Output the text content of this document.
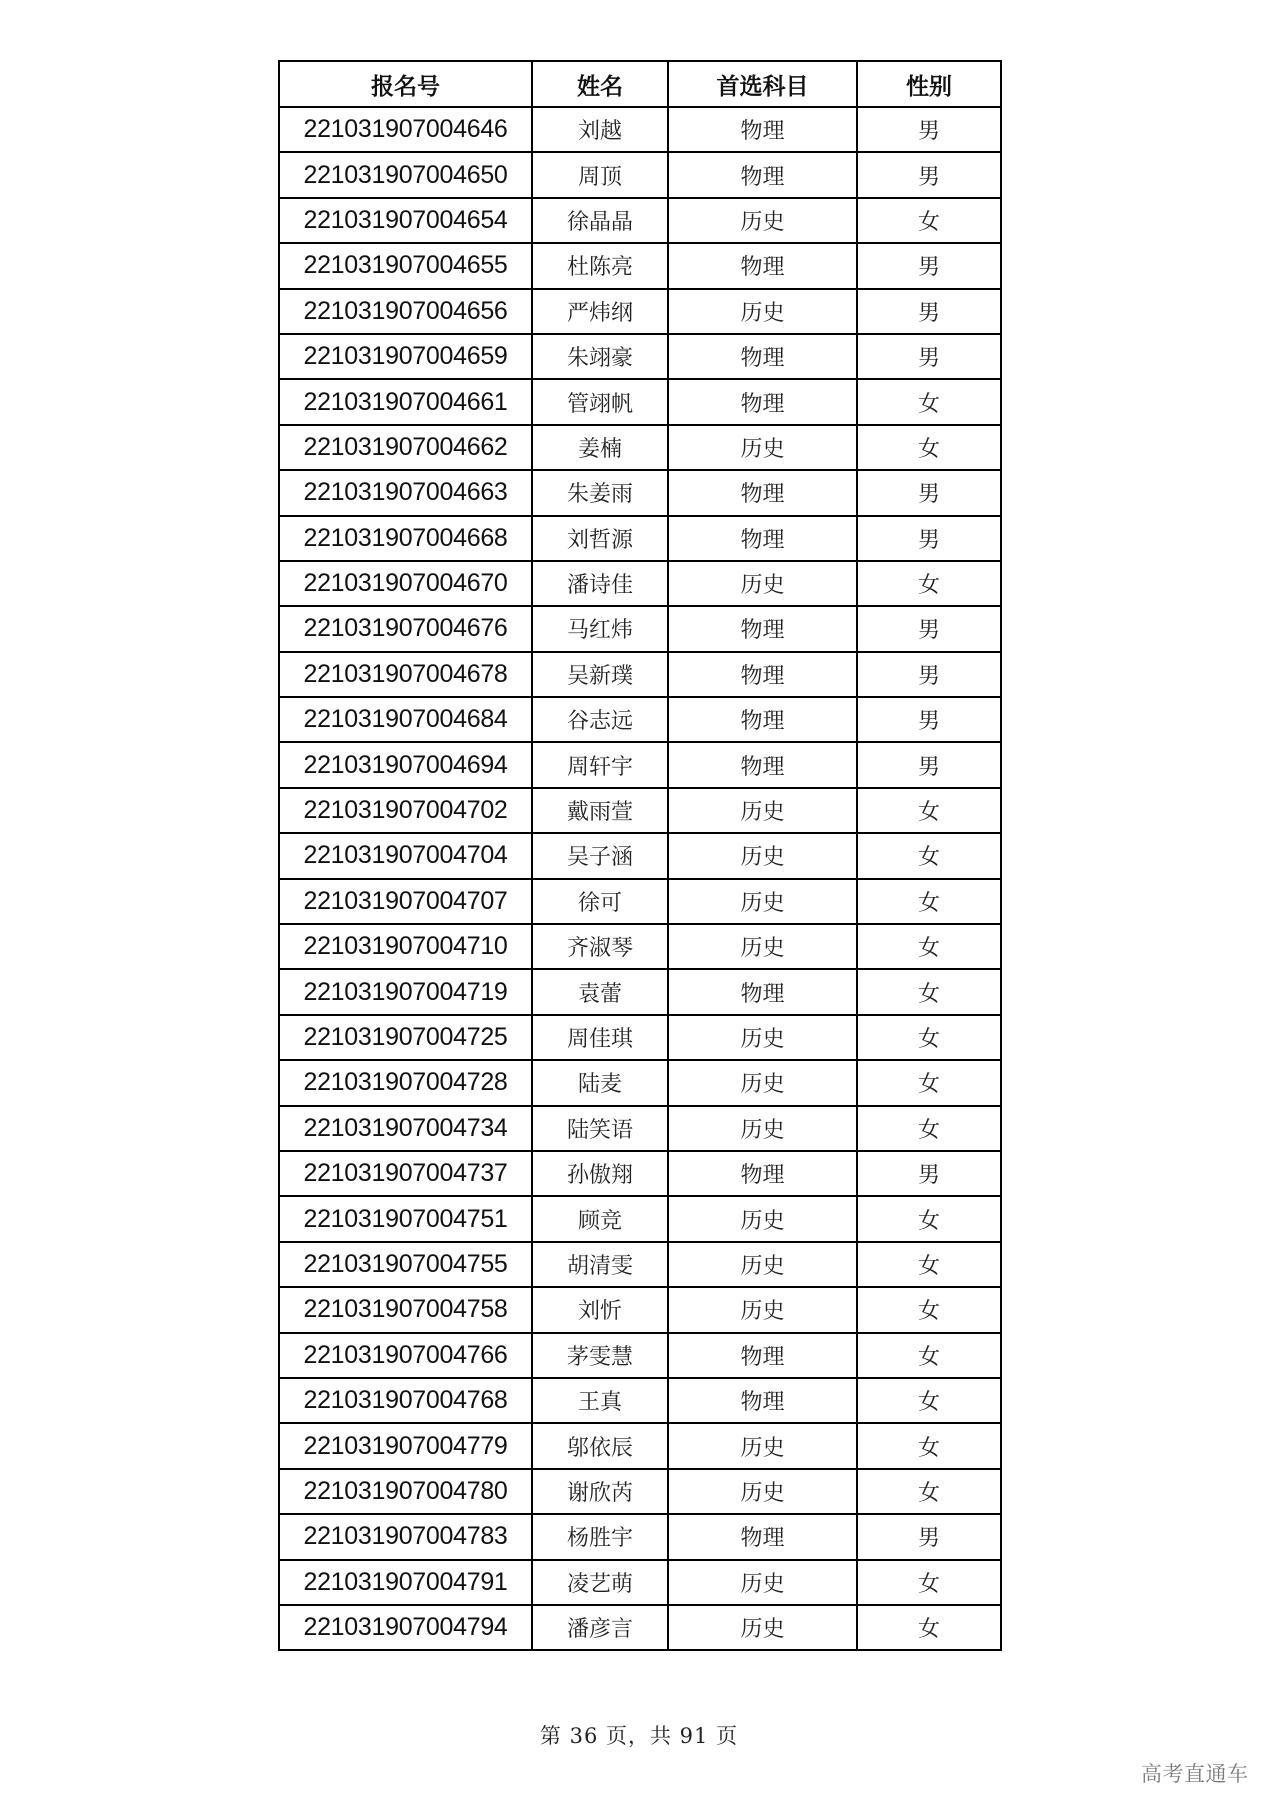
报名号	姓名	首选科目	性别
221031907004646	刘越	物理	男
221031907004650	周顶	物理	男
221031907004654	徐晶晶	历史	女
221031907004655	杜陈亮	物理	男
221031907004656	严炜纲	历史	男
221031907004659	朱翊豪	物理	男
221031907004661	管翊帆	物理	女
221031907004662	姜楠	历史	女
221031907004663	朱姜雨	物理	男
221031907004668	刘哲源	物理	男
221031907004670	潘诗佳	历史	女
221031907004676	马红炜	物理	男
221031907004678	吴新璞	物理	男
221031907004684	谷志远	物理	男
221031907004694	周轩宇	物理	男
221031907004702	戴雨萱	历史	女
221031907004704	吴子涵	历史	女
221031907004707	徐可	历史	女
221031907004710	齐淑琴	历史	女
221031907004719	袁蕾	物理	女
221031907004725	周佳琪	历史	女
221031907004728	陆麦	历史	女
221031907004734	陆笑语	历史	女
221031907004737	孙傲翔	物理	男
221031907004751	顾竞	历史	女
221031907004755	胡清雯	历史	女
221031907004758	刘忻	历史	女
221031907004766	茅雯慧	物理	女
221031907004768	王真	物理	女
221031907004779	邬依辰	历史	女
221031907004780	谢欣芮	历史	女
221031907004783	杨胜宇	物理	男
221031907004791	凌艺萌	历史	女
221031907004794	潘彦言	历史	女
第 36 页，共 91 页
高考直通车
